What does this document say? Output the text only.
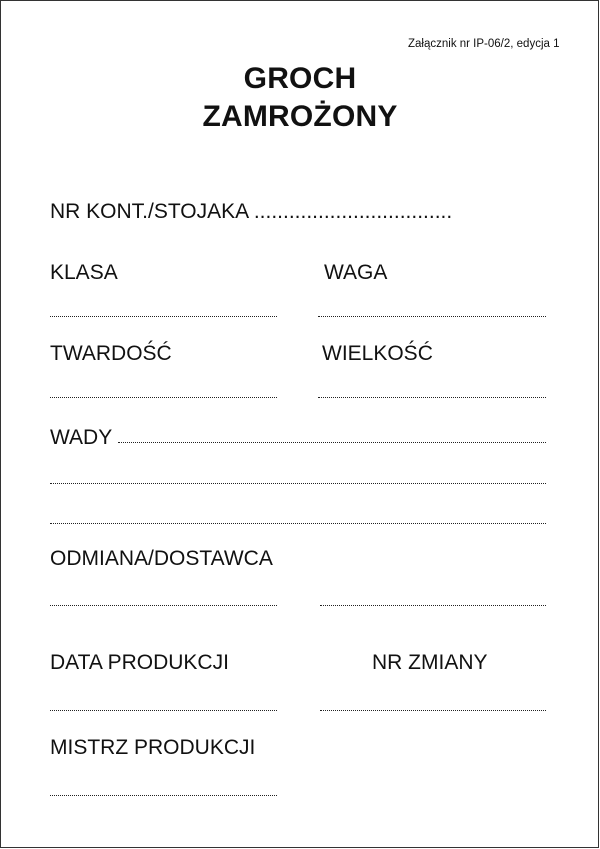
Załącznik nr IP-06/2, edycja 1
GROCH
ZAMROŻONY
NR KONT./STOJAKA ..................................
KLASA	WAGA
TWARDOŚĆ	WIELKOŚĆ
WADY
ODMIANA/DOSTAWCA
DATA PRODUKCJI	NR ZMIANY
MISTRZ PRODUKCJI
